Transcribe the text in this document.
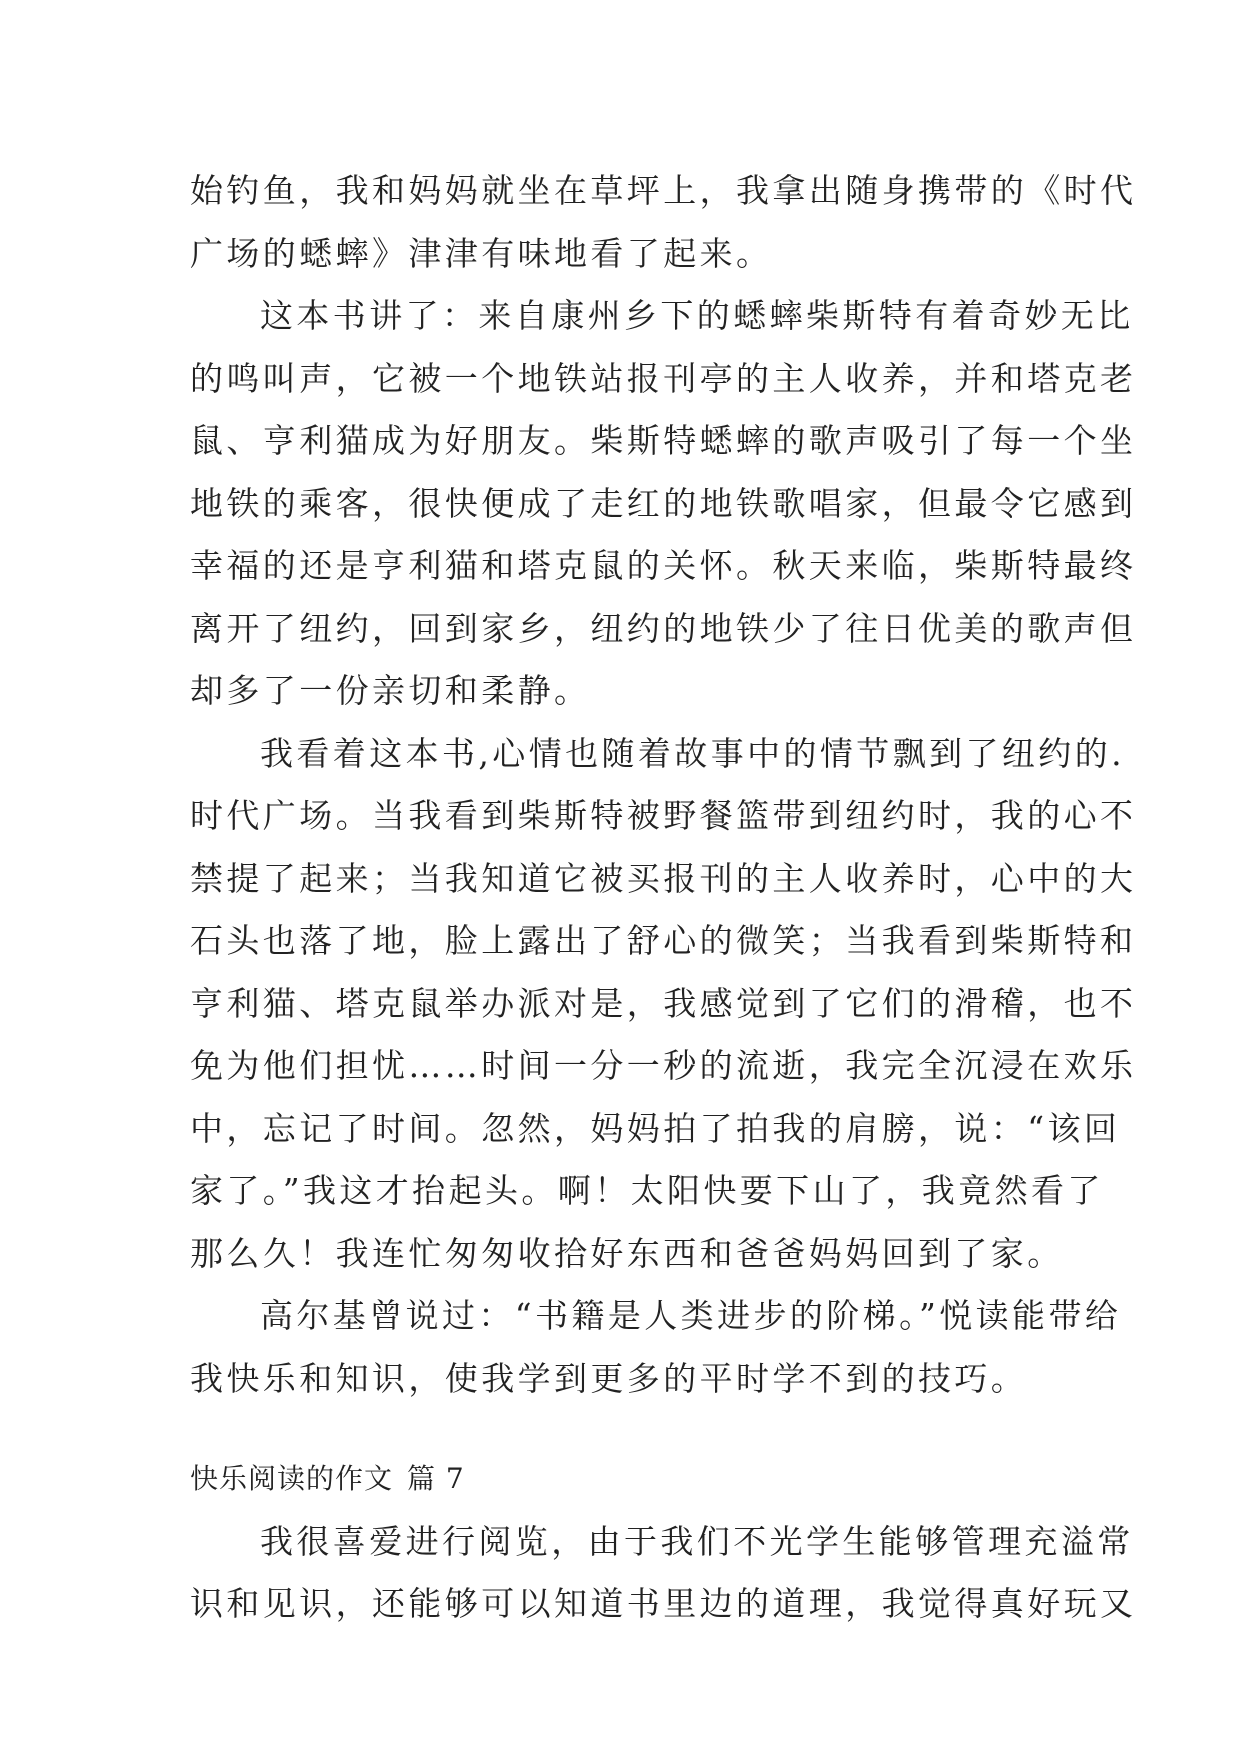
始钓鱼，我和妈妈就坐在草坪上，我拿出随身携带的《时代
广场的蟋蟀》津津有味地看了起来。
这本书讲了：来自康州乡下的蟋蟀柴斯特有着奇妙无比
的鸣叫声，它被一个地铁站报刊亭的主人收养，并和塔克老
鼠、亨利猫成为好朋友。柴斯特蟋蟀的歌声吸引了每一个坐
地铁的乘客，很快便成了走红的地铁歌唱家，但最令它感到
幸福的还是亨利猫和塔克鼠的关怀。秋天来临，柴斯特最终
离开了纽约，回到家乡，纽约的地铁少了往日优美的歌声但
却多了一份亲切和柔静。
我看着这本书,心情也随着故事中的情节飘到了纽约的.
时代广场。当我看到柴斯特被野餐篮带到纽约时，我的心不
禁提了起来；当我知道它被买报刊的主人收养时，心中的大
石头也落了地，脸上露出了舒心的微笑；当我看到柴斯特和
亨利猫、塔克鼠举办派对是，我感觉到了它们的滑稽，也不
免为他们担忧……时间一分一秒的流逝，我完全沉浸在欢乐
中，忘记了时间。忽然，妈妈拍了拍我的肩膀，说：“该回
家了。”我这才抬起头。啊！太阳快要下山了，我竟然看了
那么久！我连忙匆匆收拾好东西和爸爸妈妈回到了家。
高尔基曾说过：“书籍是人类进步的阶梯。”悦读能带给
我快乐和知识，使我学到更多的平时学不到的技巧。
快乐阅读的作文 篇 7
我很喜爱进行阅览，由于我们不光学生能够管理充溢常
识和见识，还能够可以知道书里边的道理，我觉得真好玩又
